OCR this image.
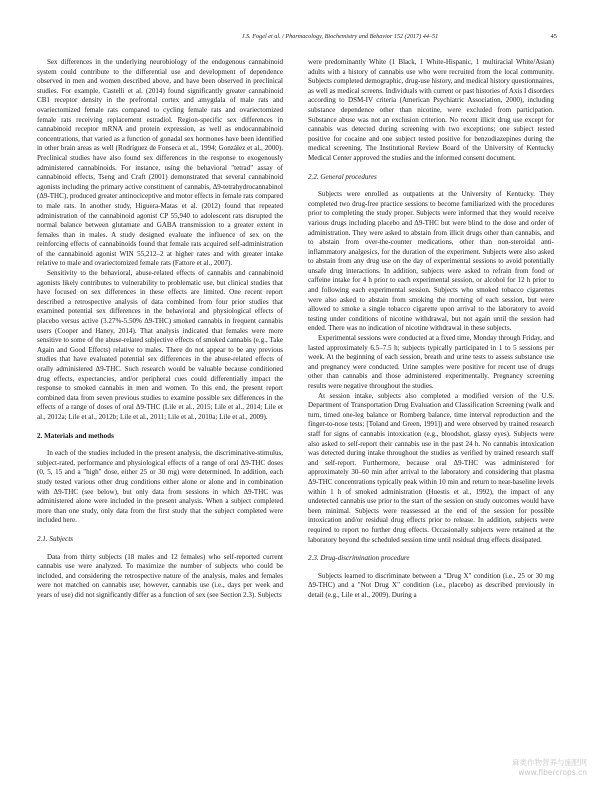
J.S. Fogel et al. / Pharmacology, Biochemistry and Behavior 152 (2017) 44–51	45

Sex differences in the underlying neurobiology of the endogenous cannabinoid system could contribute to the differential use and development of dependence observed in men and women described above, and have been observed in preclinical studies. For example, Castelli et al. (2014) found significantly greater cannabinoid CB1 receptor density in the prefrontal cortex and amygdala of male rats and ovariectomized female rats compared to cycling female rats and ovariectomized female rats receiving replacement estradiol. Region-specific sex differences in cannabinoid receptor mRNA and protein expression, as well as endocannabinoid concentrations, that varied as a function of gonadal sex hormones have been identified in other brain areas as well (Rodríguez de Fonseca et al., 1994; González et al., 2000). Preclinical studies have also found sex differences in the response to exogenously administered cannabinoids. For instance, using the behavioral "tetrad" assay of cannabinoid effects, Tseng and Craft (2001) demonstrated that several cannabinoid agonists including the primary active constituent of cannabis, Δ9-tetrahydrocannabinol (Δ9-THC), produced greater antinociceptive and motor effects in female rats compared to male rats. In another study, Higuera-Matas et al. (2012) found that repeated administration of the cannabinoid agonist CP 55,940 to adolescent rats disrupted the normal balance between glutamate and GABA transmission to a greater extent in females than in males. A study designed evaluate the influence of sex on the reinforcing effects of cannabinoids found that female rats acquired self-administration of the cannabinoid agonist WIN 55,212–2 at higher rates and with greater intake relative to male and ovariectomized female rats (Fattore et al., 2007).

Sensitivity to the behavioral, abuse-related effects of cannabis and cannabinoid agonists likely contributes to vulnerability to problematic use, but clinical studies that have focused on sex differences in these effects are limited. One recent report described a retrospective analysis of data combined from four prior studies that examined potential sex differences in the behavioral and physiological effects of placebo versus active (3.27%-5.50% Δ9-THC) smoked cannabis in frequent cannabis users (Cooper and Haney, 2014). That analysis indicated that females were more sensitive to some of the abuse-related subjective effects of smoked cannabis (e.g., Take Again and Good Effects) relative to males. There do not appear to be any previous studies that have evaluated potential sex differences in the abuse-related effects of orally administered Δ9-THC. Such research would be valuable because conditioned drug effects, expectancies, and/or peripheral cues could differentially impact the response to smoked cannabis in men and women. To this end, the present report combined data from seven previous studies to examine possible sex differences in the effects of a range of doses of oral Δ9-THC (Lile et al., 2015; Lile et al., 2014; Lile et al., 2012a; Lile et al., 2012b; Lile et al., 2011; Lile et al., 2010a; Lile et al., 2009).

2. Materials and methods

In each of the studies included in the present analysis, the discriminative-stimulus, subject-rated, performance and physiological effects of a range of oral Δ9-THC doses (0, 5, 15 and a "high" dose, either 25 or 30 mg) were determined. In addition, each study tested various other drug conditions either alone or alone and in combination with Δ9-THC (see below), but only data from sessions in which Δ9-THC was administered alone were included in the present analysis. When a subject completed more than one study, only data from the first study that the subject completed were included here.

2.1. Subjects

Data from thirty subjects (18 males and 12 females) who self-reported current cannabis use were analyzed. To maximize the number of subjects who could be included, and considering the retrospective nature of the analysis, males and females were not matched on cannabis use; however, cannabis use (i.e., days per week and years of use) did not significantly differ as a function of sex (see Section 2.3). Subjects

were predominantly White (1 Black, 1 White-Hispanic, 1 multiracial White/Asian) adults with a history of cannabis use who were recruited from the local community. Subjects completed demographic, drug-use history, and medical history questionnaires, as well as medical screens. Individuals with current or past histories of Axis I disorders according to DSM-IV criteria (American Psychiatric Association, 2000), including substance dependence other than nicotine, were excluded from participation. Substance abuse was not an exclusion criterion. No recent illicit drug use except for cannabis was detected during screening with two exceptions; one subject tested positive for cocaine and one subject tested positive for benzodiazepines during the medical screening. The Institutional Review Board of the University of Kentucky Medical Center approved the studies and the informed consent document.

2.2. General procedures

Subjects were enrolled as outpatients at the University of Kentucky. They completed two drug-free practice sessions to become familiarized with the procedures prior to completing the study proper. Subjects were informed that they would receive various drugs including placebo and Δ9-THC but were blind to the dose and order of administration. They were asked to abstain from illicit drugs other than cannabis, and to abstain from over-the-counter medications, other than non-steroidal anti-inflammatory analgesics, for the duration of the experiment. Subjects were also asked to abstain from any drug use on the day of experimental sessions to avoid potentially unsafe drug interactions. In addition, subjects were asked to refrain from food or caffeine intake for 4 h prior to each experimental session, or alcohol for 12 h prior to and following each experimental session. Subjects who smoked tobacco cigarettes were also asked to abstain from smoking the morning of each session, but were allowed to smoke a single tobacco cigarette upon arrival to the laboratory to avoid testing under conditions of nicotine withdrawal, but not again until the session had ended. There was no indication of nicotine withdrawal in these subjects.

Experimental sessions were conducted at a fixed time, Monday through Friday, and lasted approximately 6.5–7.5 h; subjects typically participated in 1 to 5 sessions per week. At the beginning of each session, breath and urine tests to assess substance use and pregnancy were conducted. Urine samples were positive for recent use of drugs other than cannabis and those administered experimentally. Pregnancy screening results were negative throughout the studies.

At session intake, subjects also completed a modified version of the U.S. Department of Transportation Drug Evaluation and Classification Screening (walk and turn, timed one-leg balance or Romberg balance, time interval reproduction and the finger-to-nose tests; [Toland and Green, 1991]) and were observed by trained research staff for signs of cannabis intoxication (e.g., bloodshot, glassy eyes). Subjects were also asked to self-report their cannabis use in the past 24 h. No cannabis intoxication was detected during intake throughout the studies as verified by trained research staff and self-report. Furthermore, because oral Δ9-THC was administered for approximately 30–60 min after arrival to the laboratory and considering that plasma Δ9-THC concentrations typically peak within 10 min and return to near-baseline levels within 1 h of smoked administration (Huestis et al., 1992), the impact of any undetected cannabis use prior to the start of the session on study outcomes would have been minimal. Subjects were reassessed at the end of the session for possible intoxication and/or residual drug effects prior to release. In addition, subjects were required to report no further drug effects. Occasionally subjects were retained at the laboratory beyond the scheduled session time until residual drug effects dissipated.

2.3. Drug-discrimination procedure

Subjects learned to discriminate between a "Drug X" condition (i.e., 25 or 30 mg Δ9-THC) and a "Not Drug X" condition (i.e., placebo) as described previously in detail (e.g., Lile et al., 2009). During a

麻类作物营养与施肥网
www.fibercrops.cn
